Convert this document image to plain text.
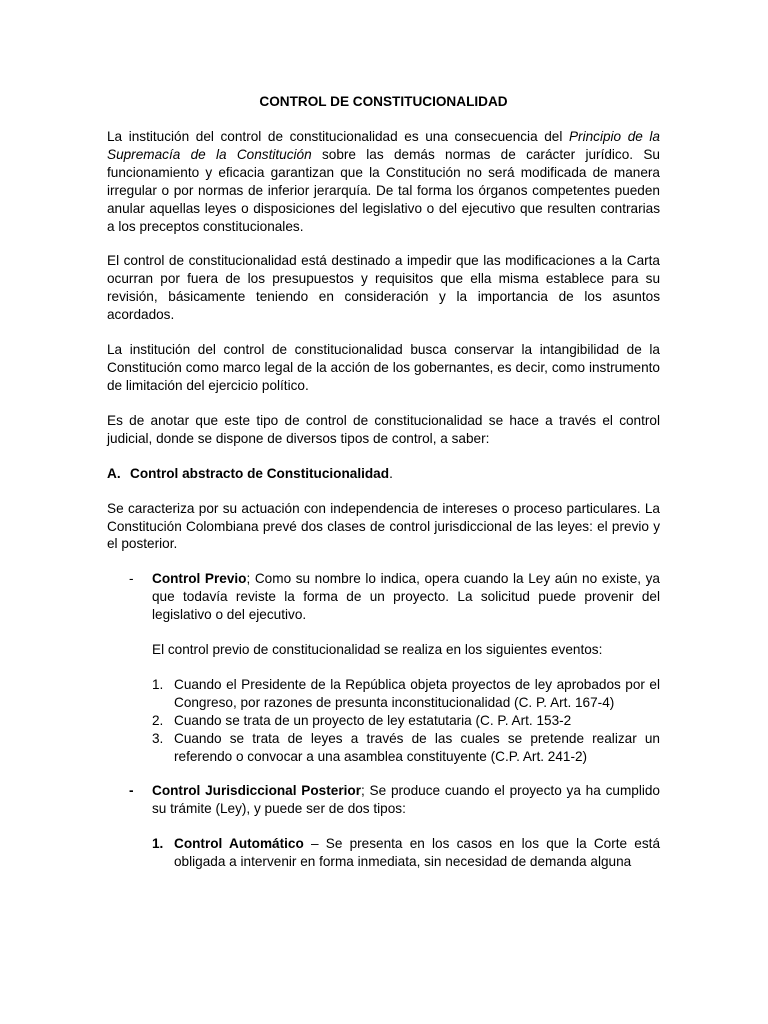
CONTROL DE CONSTITUCIONALIDAD

La institución del control de constitucionalidad es una consecuencia del Principio de la Supremacía de la Constitución sobre las demás normas de carácter jurídico. Su funcionamiento y eficacia garantizan que la Constitución no será modificada de manera irregular o por normas de inferior jerarquía. De tal forma los órganos competentes pueden anular aquellas leyes o disposiciones del legislativo o del ejecutivo que resulten contrarias a los preceptos constitucionales.

El control de constitucionalidad está destinado a impedir que las modificaciones a la Carta ocurran por fuera de los presupuestos y requisitos que ella misma establece para su revisión, básicamente teniendo en consideración y la importancia de los asuntos acordados.

La institución del control de constitucionalidad busca conservar la intangibilidad de la Constitución como marco legal de la acción de los gobernantes, es decir, como instrumento de limitación del ejercicio político.

Es de anotar que este tipo de control de constitucionalidad se hace a través el control judicial, donde se dispone de diversos tipos de control, a saber:

A. Control abstracto de Constitucionalidad.

Se caracteriza por su actuación con independencia de intereses o proceso particulares. La Constitución Colombiana prevé dos clases de control jurisdiccional de las leyes: el previo y el posterior.

- Control Previo; Como su nombre lo indica, opera cuando la Ley aún no existe, ya que todavía reviste la forma de un proyecto. La solicitud puede provenir del legislativo o del ejecutivo.

El control previo de constitucionalidad se realiza en los siguientes eventos:

1. Cuando el Presidente de la República objeta proyectos de ley aprobados por el Congreso, por razones de presunta inconstitucionalidad (C. P. Art. 167-4)
2. Cuando se trata de un proyecto de ley estatutaria (C. P. Art. 153-2
3. Cuando se trata de leyes a través de las cuales se pretende realizar un referendo o convocar a una asamblea constituyente (C.P. Art. 241-2)
- Control Jurisdiccional Posterior; Se produce cuando el proyecto ya ha cumplido su trámite (Ley), y puede ser de dos tipos:
1. Control Automático – Se presenta en los casos en los que la Corte está obligada a intervenir en forma inmediata, sin necesidad de demanda alguna
